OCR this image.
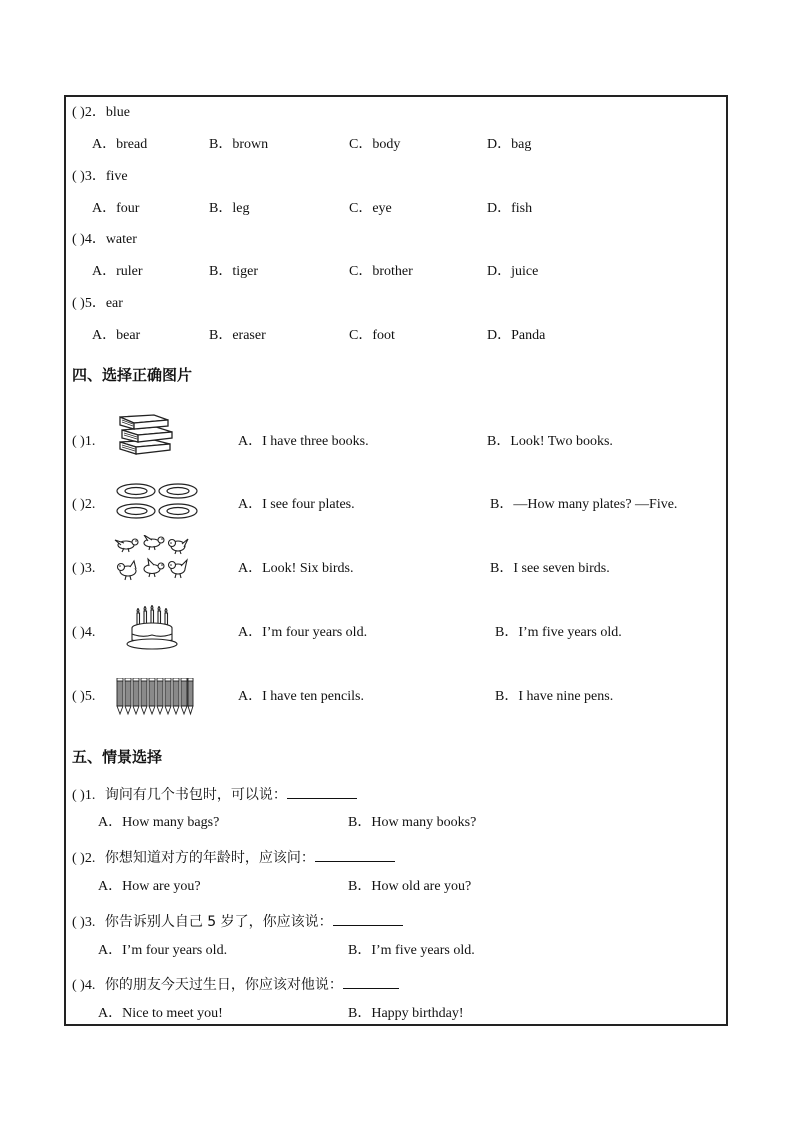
( )2．blue
A．bread	B．brown	C．body	D．bag
( )3．five
A．four	B．leg	C．eye	D．fish
( )4．water
A．ruler	B．tiger	C．brother	D．juice
( )5．ear
A．bear	B．eraser	C．foot	D．Panda
四、选择正确图片
( )1.	A．I have three books.	B．Look! Two books.
( )2.	A．I see four plates.	B．—How many plates? —Five.
( )3.	A．Look! Six birds.	B．I see seven birds.
( )4.	A．I’m four years old.	B．I’m five years old.
( )5.	A．I have ten pencils.	B．I have nine pens.
五、情景选择
( )1. 询问有几个书包时，可以说：
A．How many bags?	B．How many books?
( )2. 你想知道对方的年龄时，应该问：
A．How are you?	B．How old are you?
( )3. 你告诉别人自己 5 岁了，你应该说：
A．I’m four years old.	B．I’m five years old.
( )4. 你的朋友今天过生日，你应该对他说：
A．Nice to meet you!	B．Happy birthday!
